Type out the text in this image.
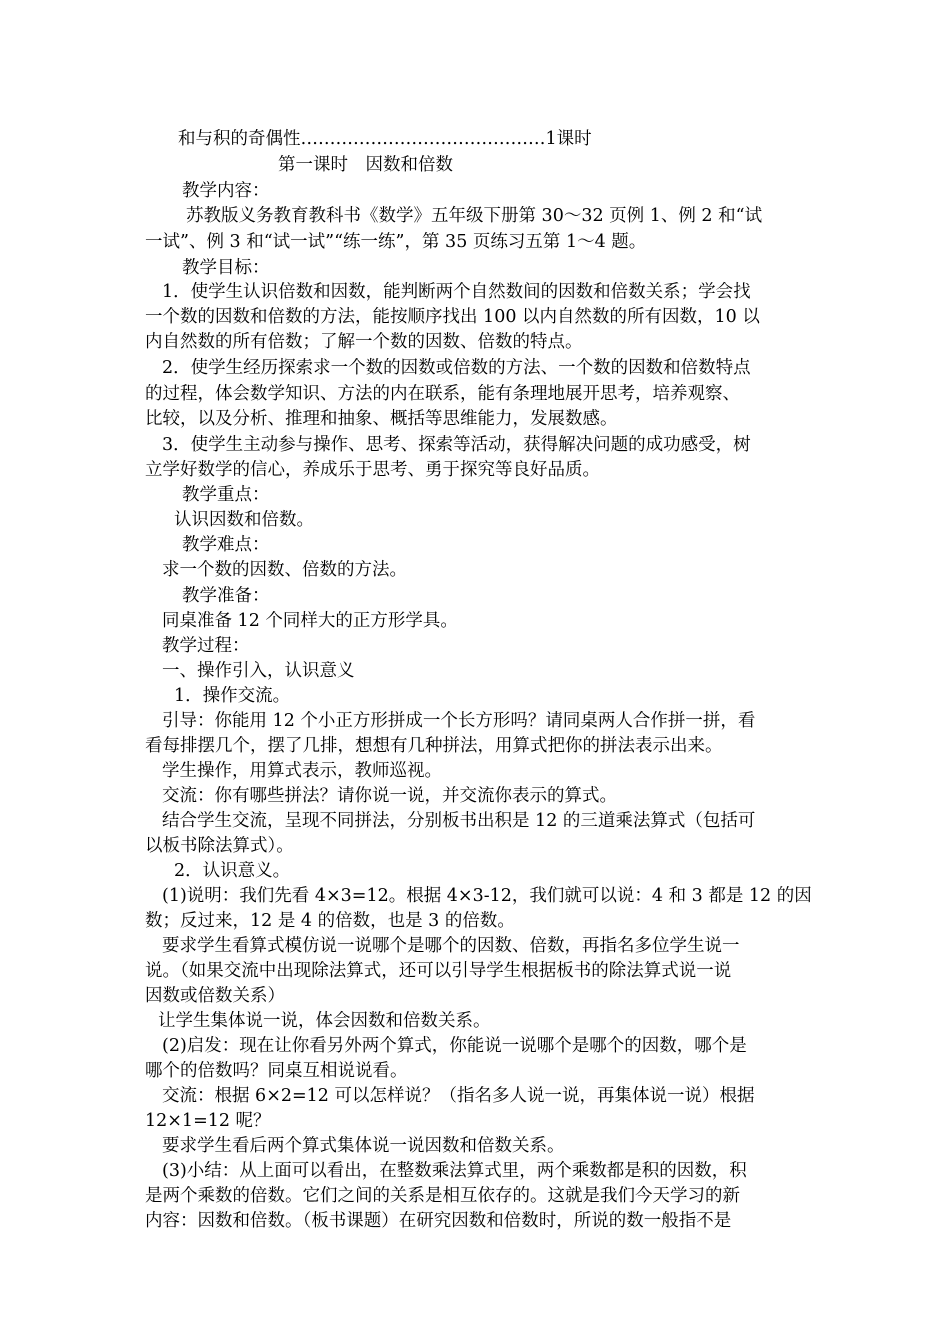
和与积的奇偶性……………………………………1课时
第一课时　因数和倍数
教学内容：
苏教版义务教育教科书《数学》五年级下册第 30～32 页例 1、例 2 和“试
一试”、例 3 和“试一试”“练一练”，第 35 页练习五第 1～4 题。
教学目标：
1．使学生认识倍数和因数，能判断两个自然数间的因数和倍数关系；学会找
一个数的因数和倍数的方法，能按顺序找出 100 以内自然数的所有因数，10 以
内自然数的所有倍数；了解一个数的因数、倍数的特点。
2．使学生经历探索求一个数的因数或倍数的方法、一个数的因数和倍数特点
的过程，体会数学知识、方法的内在联系，能有条理地展开思考，培养观察、
比较，以及分析、推理和抽象、概括等思维能力，发展数感。
3．使学生主动参与操作、思考、探索等活动，获得解决问题的成功感受，树
立学好数学的信心，养成乐于思考、勇于探究等良好品质。
教学重点：
认识因数和倍数。
教学难点：
求一个数的因数、倍数的方法。
教学准备：
同桌准备 12 个同样大的正方形学具。
教学过程：
一、操作引入，认识意义
1．操作交流。
引导：你能用 12 个小正方形拼成一个长方形吗？请同桌两人合作拼一拼，看
看每排摆几个，摆了几排，想想有几种拼法，用算式把你的拼法表示出来。
学生操作，用算式表示，教师巡视。
交流：你有哪些拼法？请你说一说，并交流你表示的算式。
结合学生交流，呈现不同拼法，分别板书出积是 12 的三道乘法算式（包括可
以板书除法算式）。
2．认识意义。
(1)说明：我们先看 4×3=12。根据 4×3-12，我们就可以说：4 和 3 都是 12 的因
数；反过来，12 是 4 的倍数，也是 3 的倍数。
要求学生看算式模仿说一说哪个是哪个的因数、倍数，再指名多位学生说一
说。（如果交流中出现除法算式，还可以引导学生根据板书的除法算式说一说
因数或倍数关系）
让学生集体说一说，体会因数和倍数关系。
(2)启发：现在让你看另外两个算式，你能说一说哪个是哪个的因数，哪个是
哪个的倍数吗？同桌互相说说看。
交流：根据 6×2=12 可以怎样说？（指名多人说一说，再集体说一说）根据
12×1=12 呢？
要求学生看后两个算式集体说一说因数和倍数关系。
(3)小结：从上面可以看出，在整数乘法算式里，两个乘数都是积的因数，积
是两个乘数的倍数。它们之间的关系是相互依存的。这就是我们今天学习的新
内容：因数和倍数。（板书课题）在研究因数和倍数时，所说的数一般指不是
